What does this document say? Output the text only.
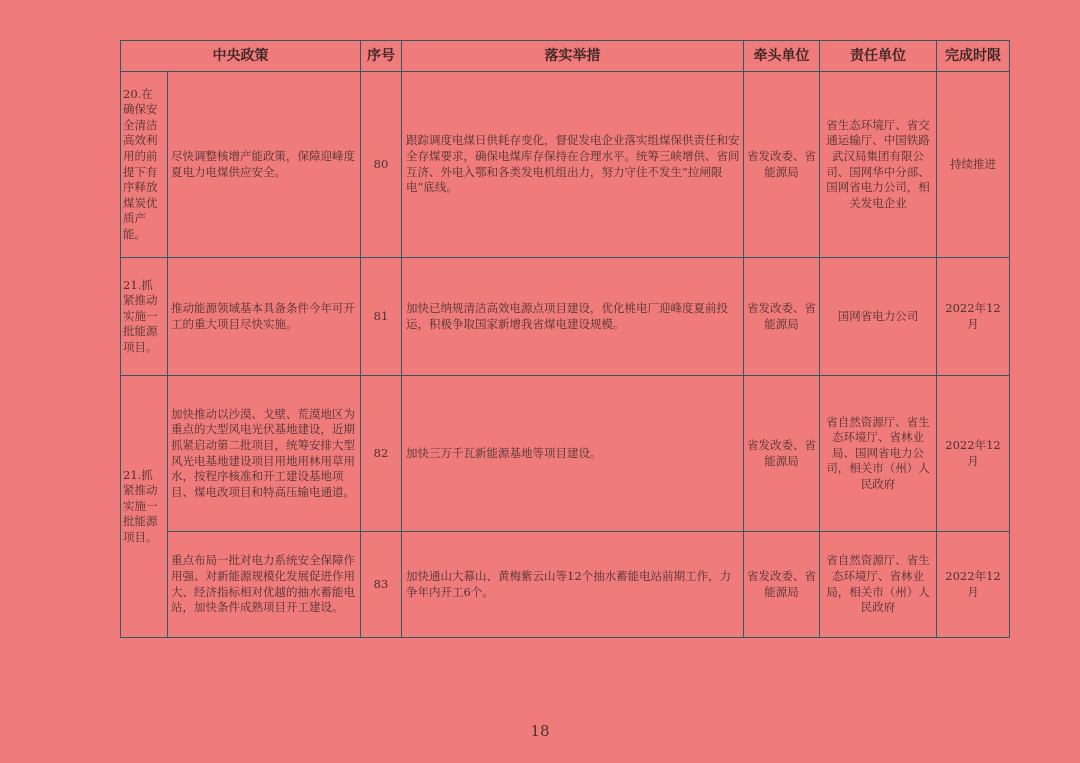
中央政策		序号	落实举措	牵头单位	责任单位	完成时限
20.在确保安全清洁高效利用的前提下有序释放煤炭优质产能。	尽快调整核增产能政策，保障迎峰度夏电力电煤供应安全。	80	跟踪调度电煤日供耗存变化，督促发电企业落实组煤保供责任和安全存煤要求，确保电煤库存保持在合理水平。统筹三峡增供、省间互济、外电入鄂和各类发电机组出力，努力守住不发生“拉闸限电”底线。	省发改委、省能源局	省生态环境厅、省交通运输厅、中国铁路武汉局集团有限公司、国网华中分部、国网省电力公司，相关发电企业	持续推进
21.抓紧推动实施一批能源项目。	推动能源领域基本具备条件今年可开工的重大项目尽快实施。	81	加快已纳规清洁高效电源点项目建设，优化桃电厂迎峰度夏前投运，积极争取国家新增我省煤电建设规模。	省发改委、省能源局	国网省电力公司	2022年12月
21.抓紧推动实施一批能源项目。	加快推动以沙漠、戈壁、荒漠地区为重点的大型风电光伏基地建设，近期抓紧启动第二批项目，统筹安排大型风光电基地建设项目用地用林用草用水，按程序核准和开工建设基地项目、煤电改项目和特高压输电通道。	82	加快三万千瓦新能源基地等项目建设。	省发改委、省能源局	省自然资源厅、省生态环境厅、省林业局、国网省电力公司，相关市（州）人民政府	2022年12月
	重点布局一批对电力系统安全保障作用强、对新能源规模化发展促进作用大、经济指标相对优越的抽水蓄能电站，加快条件成熟项目开工建设。	83	加快通山大幕山、黄梅紫云山等12个抽水蓄能电站前期工作，力争年内开工6个。	省发改委、省能源局	省自然资源厅、省生态环境厅、省林业局，相关市（州）人民政府	2022年12月
18
